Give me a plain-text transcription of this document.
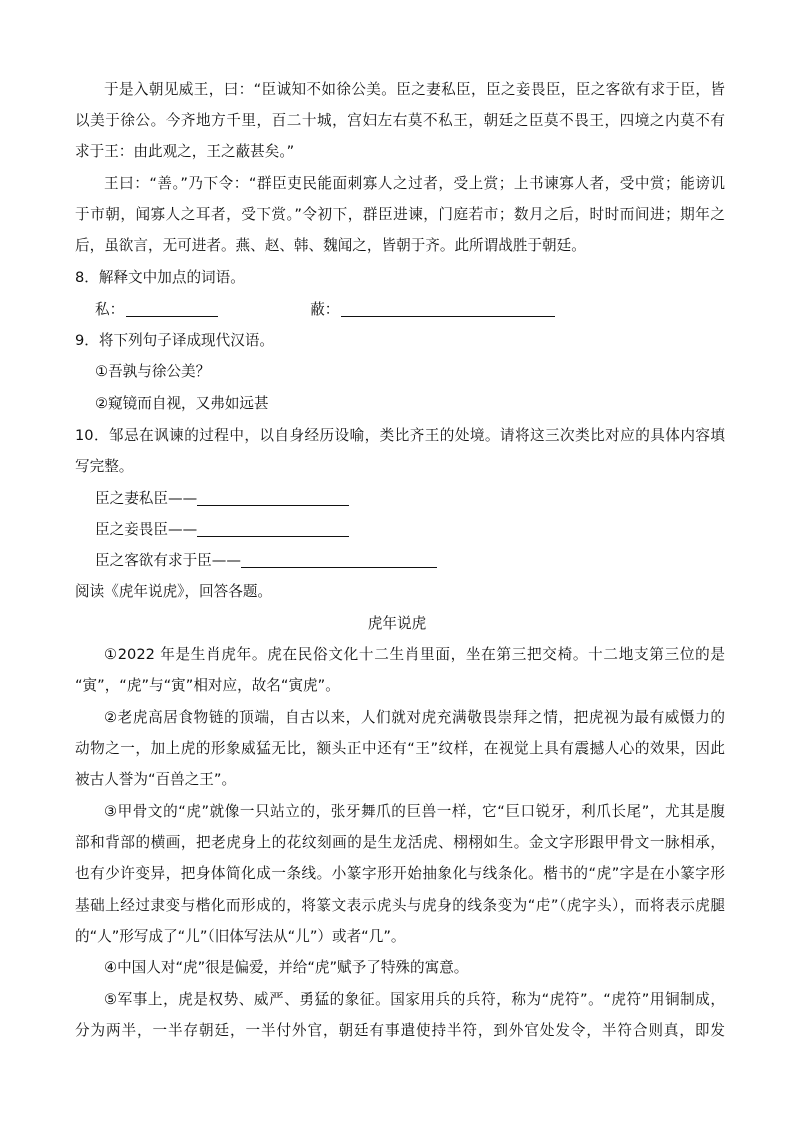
于是入朝见威王，曰：“臣诚知不如徐公美。臣之妻私臣，臣之妾畏臣，臣之客欲有求于臣，皆
以美于徐公。今齐地方千里，百二十城，宫妇左右莫不私王，朝廷之臣莫不畏王，四境之内莫不有
求于王：由此观之，王之蔽甚矣。”
王曰：“善。”乃下令：“群臣吏民能面刺寡人之过者，受上赏；上书谏寡人者，受中赏；能谤讥
于市朝，闻寡人之耳者，受下赏。”令初下，群臣进谏，门庭若市；数月之后，时时而间进；期年之
后，虽欲言，无可进者。燕、赵、韩、魏闻之，皆朝于齐。此所谓战胜于朝廷。
8．解释文中加点的词语。
私：	蔽：
9．将下列句子译成现代汉语。
①吾孰与徐公美？
②窥镜而自视，又弗如远甚
10．邹忌在讽谏的过程中，以自身经历设喻，类比齐王的处境。请将这三次类比对应的具体内容填
写完整。
臣之妻私臣——
臣之妾畏臣——
臣之客欲有求于臣——
阅读《虎年说虎》，回答各题。
虎年说虎
①2022 年是生肖虎年。虎在民俗文化十二生肖里面，坐在第三把交椅。十二地支第三位的是
“寅”，“虎”与“寅”相对应，故名“寅虎”。
②老虎高居食物链的顶端，自古以来，人们就对虎充满敬畏崇拜之情，把虎视为最有威慑力的
动物之一，加上虎的形象威猛无比，额头正中还有“王”纹样，在视觉上具有震撼人心的效果，因此
被古人誉为“百兽之王”。
③甲骨文的“虎”就像一只站立的，张牙舞爪的巨兽一样，它“巨口锐牙，利爪长尾”，尤其是腹
部和背部的横画，把老虎身上的花纹刻画的是生龙活虎、栩栩如生。金文字形跟甲骨文一脉相承，
也有少许变异，把身体简化成一条线。小篆字形开始抽象化与线条化。楷书的“虎”字是在小篆字形
基础上经过隶变与楷化而形成的，将篆文表示虎头与虎身的线条变为“虍”（虎字头），而将表示虎腿
的“人”形写成了“儿”（旧体写法从“儿”）或者“几”。
④中国人对“虎”很是偏爱，并给“虎”赋予了特殊的寓意。
⑤军事上，虎是权势、威严、勇猛的象征。国家用兵的兵符，称为“虎符”。“虎符”用铜制成，
分为两半，一半存朝廷，一半付外官，朝廷有事遣使持半符，到外官处发令，半符合则真，即发
